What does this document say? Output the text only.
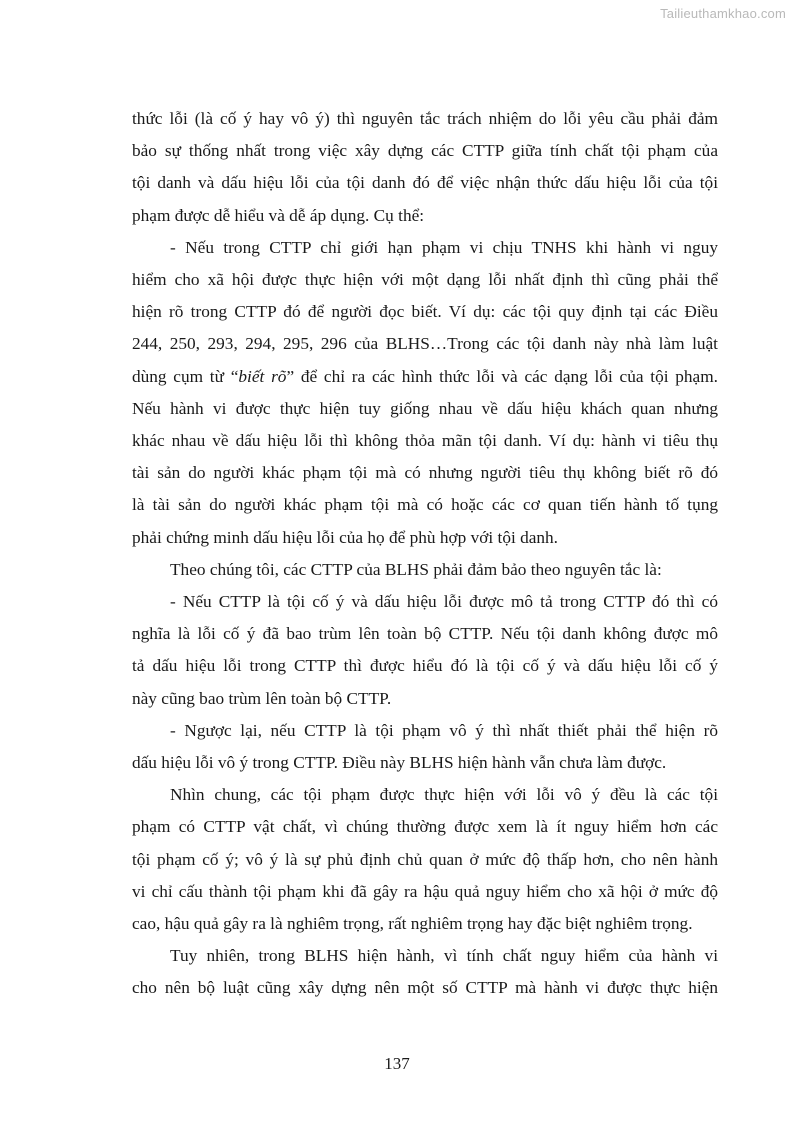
Tailieuthamkhao.com
thức lỗi (là cố ý hay vô ý) thì nguyên tắc trách nhiệm do lỗi yêu cầu phải đảm
bảo sự thống nhất trong việc xây dựng các CTTP giữa tính chất tội phạm của
tội danh và dấu hiệu lỗi của tội danh đó để việc nhận thức dấu hiệu lỗi của tội
phạm được dễ hiểu và dễ áp dụng. Cụ thể:
- Nếu trong CTTP chỉ giới hạn phạm vi chịu TNHS khi hành vi nguy
hiểm cho xã hội được thực hiện với một dạng lỗi nhất định thì cũng phải thể
hiện rõ trong CTTP đó để người đọc biết. Ví dụ: các tội quy định tại các Điều
244, 250, 293, 294, 295, 296 của BLHS…Trong các tội danh này nhà làm luật
dùng cụm từ “biết rõ” để chỉ ra các hình thức lỗi và các dạng lỗi của tội phạm.
Nếu hành vi được thực hiện tuy giống nhau về dấu hiệu khách quan nhưng
khác nhau về dấu hiệu lỗi thì không thỏa mãn tội danh. Ví dụ: hành vi tiêu thụ
tài sản do người khác phạm tội mà có nhưng người tiêu thụ không biết rõ đó
là tài sản do người khác phạm tội mà có hoặc các cơ quan tiến hành tố tụng
phải chứng minh dấu hiệu lỗi của họ để phù hợp với tội danh.
Theo chúng tôi, các CTTP của BLHS phải đảm bảo theo nguyên tắc là:
- Nếu CTTP là tội cố ý và dấu hiệu lỗi được mô tả trong CTTP đó thì có
nghĩa là lỗi cố ý đã bao trùm lên toàn bộ CTTP. Nếu tội danh không được mô
tả dấu hiệu lỗi trong CTTP thì được hiểu đó là tội cố ý và dấu hiệu lỗi cố ý
này cũng bao trùm lên toàn bộ CTTP.
- Ngược lại, nếu CTTP là tội phạm vô ý thì nhất thiết phải thể hiện rõ
dấu hiệu lỗi vô ý trong CTTP. Điều này BLHS hiện hành vẫn chưa làm được.
Nhìn chung, các tội phạm được thực hiện với lỗi vô ý đều là các tội
phạm có CTTP vật chất, vì chúng thường được xem là ít nguy hiểm hơn các
tội phạm cố ý; vô ý là sự phủ định chủ quan ở mức độ thấp hơn, cho nên hành
vi chỉ cấu thành tội phạm khi đã gây ra hậu quả nguy hiểm cho xã hội ở mức độ
cao, hậu quả gây ra là nghiêm trọng, rất nghiêm trọng hay đặc biệt nghiêm trọng.
Tuy nhiên, trong BLHS hiện hành, vì tính chất nguy hiểm của hành vi
cho nên bộ luật cũng xây dựng nên một số CTTP mà hành vi được thực hiện
137
